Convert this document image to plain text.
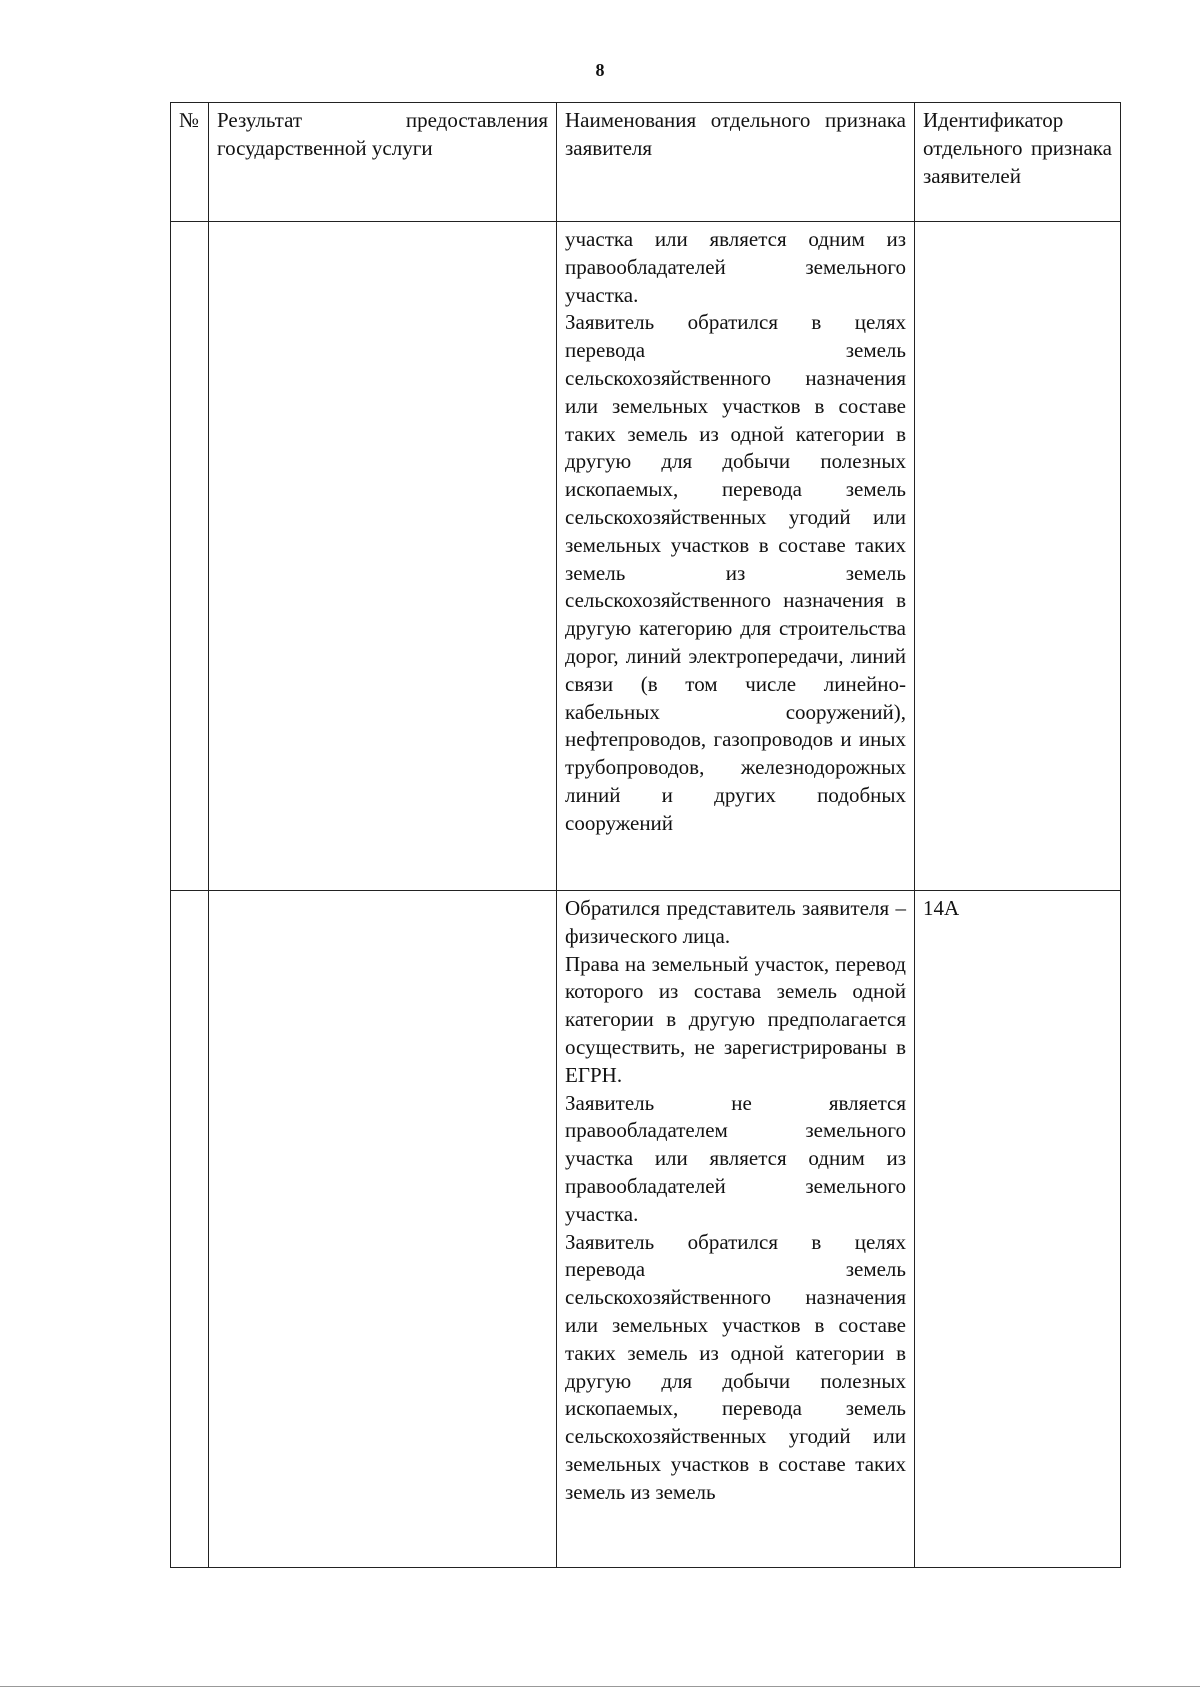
8
№	Результат предоставления государственной услуги	Наименования отдельного признака заявителя	Идентификатор отдельного признака заявителей

		участка или является одним из правообладателей земельного участка.
Заявитель обратился в целях перевода земель сельскохозяйственного назначения или земельных участков в составе таких земель из одной категории в другую для добычи полезных ископаемых, перевода земель сельскохозяйственных угодий или земельных участков в составе таких земель из земель сельскохозяйственного назначения в другую категорию для строительства дорог, линий электропередачи, линий связи (в том числе линейно-кабельных сооружений), нефтепроводов, газопроводов и иных трубопроводов, железнодорожных линий и других подобных сооружений	

		Обратился представитель заявителя – физического лица.
Права на земельный участок, перевод которого из состава земель одной категории в другую предполагается осуществить, не зарегистрированы в ЕГРН.
Заявитель не является правообладателем земельного участка или является одним из правообладателей земельного участка.
Заявитель обратился в целях перевода земель сельскохозяйственного назначения или земельных участков в составе таких земель из одной категории в другую для добычи полезных ископаемых, перевода земель сельскохозяйственных угодий или земельных участков в составе таких земель из земель	14А
